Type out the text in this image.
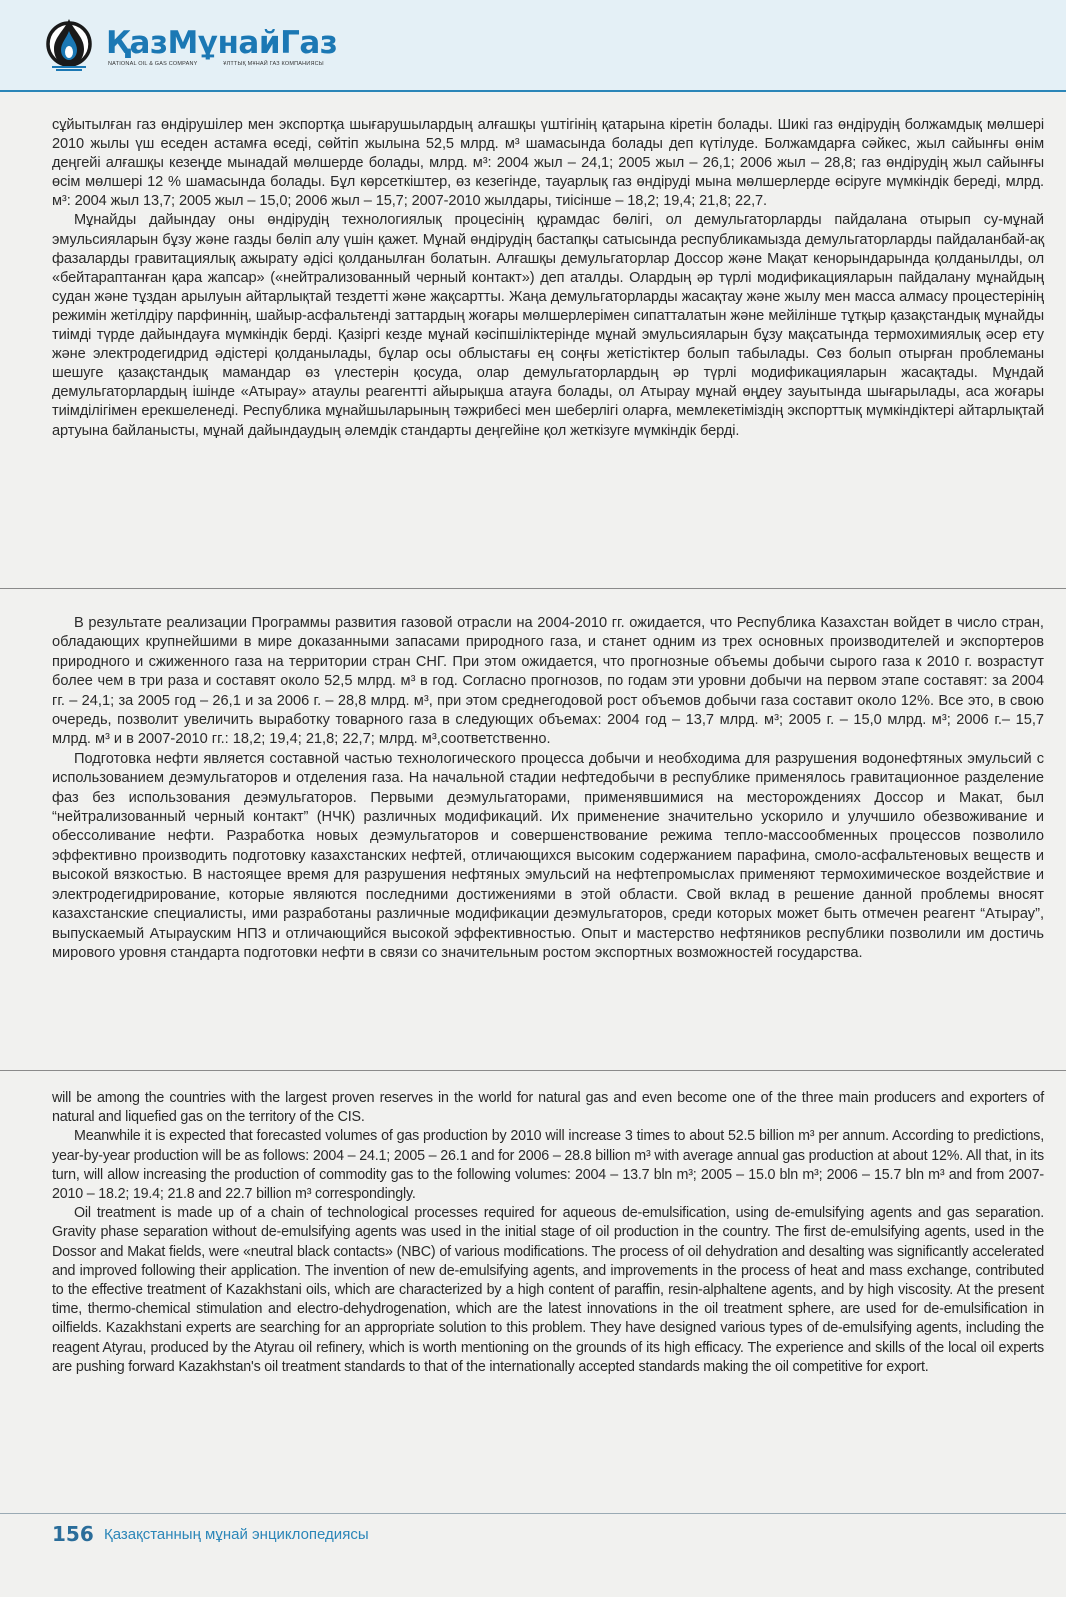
ҚазМұнайГаз
NATIONAL OIL & GAS COMPANY	ҰЛТТЫҚ МҰНАЙ ГАЗ КОМПАНИЯСЫ

сұйытылған газ өндірушілер мен экспортқа шығарушылардың алғашқы үштігінің қатарына кіретін болады. Шикі газ өндірудің болжамдық мөлшері 2010 жылы үш еседен астамға өседі, сөйтіп жылына 52,5 млрд. м³ шамасында болады деп күтілуде. Болжамдарға сәйкес, жыл сайынғы өнім деңгейі алғашқы кезеңде мынадай мөлшерде болады, млрд. м³: 2004 жыл – 24,1; 2005 жыл – 26,1; 2006 жыл – 28,8; газ өндірудің жыл сайынғы өсім мөлшері 12 % шамасында болады. Бұл көрсеткіштер, өз кезегінде, тауарлық газ өндіруді мына мөлшерлерде өсіруге мүмкіндік береді, млрд. м³: 2004 жыл 13,7; 2005 жыл – 15,0; 2006 жыл – 15,7; 2007-2010 жылдары, тиісінше – 18,2; 19,4; 21,8; 22,7.

Мұнайды дайындау оны өндірудің технологиялық процесінің құрамдас бөлігі, ол демульгаторларды пайдалана отырып су-мұнай эмульсияларын бұзу және газды бөліп алу үшін қажет. Мұнай өндірудің бастапқы сатысында республикамызда демульгаторларды пайдаланбай-ақ фазаларды гравитациялық ажырату әдісі қолданылған болатын. Алғашқы демульгаторлар Доссор және Мақат кенорындарында қолданылды, ол «бейтараптанған қара жапсар» («нейтрализованный черный контакт») деп аталды. Олардың әр түрлі модификацияларын пайдалану мұнайдың судан және тұздан арылуын айтарлықтай тездетті және жақсартты. Жаңа демульгаторларды жасақтау және жылу мен масса алмасу процестерінің режимін жетілдіру парфиннің, шайыр-асфальтенді заттардың жоғары мөлшерлерімен сипатталатын және мейілінше тұтқыр қазақстандық мұнайды тиімді түрде дайындауға мүмкіндік берді. Қазіргі кезде мұнай кәсіпшіліктерінде мұнай эмульсияларын бұзу мақсатында термохимиялық әсер ету және электродегидрид әдістері қолданылады, бұлар осы облыстағы ең соңғы жетістіктер болып табылады. Сөз болып отырған проблеманы шешуге қазақстандық мамандар өз үлестерін қосуда, олар демульгаторлардың әр түрлі модификацияларын жасақтады. Мұндай демульгаторлардың ішінде «Атырау» атаулы реагентті айырықша атауға болады, ол Атырау мұнай өңдеу зауытында шығарылады, аса жоғары тиімділігімен ерекшеленеді. Республика мұнайшыларының тәжрибесі мен шеберлігі оларға, мемлекетіміздің экспорттық мүмкіндіктері айтарлықтай артуына байланысты, мұнай дайындаудың әлемдік стандарты деңгейіне қол жеткізуге мүмкіндік берді.

В результате реализации Программы развития газовой отрасли на 2004-2010 гг. ожидается, что Республика Казахстан войдет в число стран, обладающих крупнейшими в мире доказанными запасами природного газа, и станет одним из трех основных производителей и экспортеров природного и сжиженного газа на территории стран СНГ. При этом ожидается, что прогнозные объемы добычи сырого газа к 2010 г. возрастут более чем в три раза и составят около 52,5 млрд. м³ в год. Согласно прогнозов, по годам эти уровни добычи на первом этапе составят: за 2004 гг. – 24,1; за 2005 год – 26,1 и за 2006 г. – 28,8 млрд. м³, при этом среднегодовой рост объемов добычи газа составит около 12%. Все это, в свою очередь, позволит увеличить выработку товарного газа в следующих объемах: 2004 год – 13,7 млрд. м³; 2005 г. – 15,0 млрд. м³; 2006 г.– 15,7 млрд. м³ и в 2007-2010 гг.: 18,2; 19,4; 21,8; 22,7; млрд. м³,соответственно.

Подготовка нефти является составной частью технологического процесса добычи и необходима для разрушения водонефтяных эмульсий с использованием деэмульгаторов и отделения газа. На начальной стадии нефтедобычи в республике применялось гравитационное разделение фаз без использования деэмульгаторов. Первыми деэмульгаторами, применявшимися на месторождениях Доссор и Макат, был “нейтрализованный черный контакт” (НЧК) различных модификаций. Их применение значительно ускорило и улучшило обезвоживание и обессоливание нефти. Разработка новых деэмульгаторов и совершенствование режима тепло-массообменных процессов позволило эффективно производить подготовку казахстанских нефтей, отличающихся высоким содержанием парафина, смоло-асфальтеновых веществ и высокой вязкостью. В настоящее время для разрушения нефтяных эмульсий на нефтепромыслах применяют термохимическое воздействие и электродегидрирование, которые являются последними достижениями в этой области. Свой вклад в решение данной проблемы вносят казахстанские специалисты, ими разработаны различные модификации деэмульгаторов, среди которых может быть отмечен реагент “Атырау”, выпускаемый Атырауским НПЗ и отличающийся высокой эффективностью. Опыт и мастерство нефтяников республики позволили им достичь мирового уровня стандарта подготовки нефти в связи со значительным ростом экспортных возможностей государства.

will be among the countries with the largest proven reserves in the world for natural gas and even become one of the three main producers and exporters of natural and liquefied gas on the territory of the CIS.

Meanwhile it is expected that forecasted volumes of gas production by 2010 will increase 3 times to about 52.5 billion m³ per annum. According to predictions, year-by-year production will be as follows: 2004 – 24.1; 2005 – 26.1 and for 2006 – 28.8 billion m³ with average annual gas production at about 12%. All that, in its turn, will allow increasing the production of commodity gas to the following volumes: 2004 – 13.7 bln m³; 2005 – 15.0 bln m³; 2006 – 15.7 bln m³ and from 2007-2010 – 18.2; 19.4; 21.8 and 22.7 billion m³ correspondingly.

Oil treatment is made up of a chain of technological processes required for aqueous de-emulsification, using de-emulsifying agents and gas separation. Gravity phase separation without de-emulsifying agents was used in the initial stage of oil production in the country. The first de-emulsifying agents, used in the Dossor and Makat fields, were «neutral black contacts» (NBC) of various modifications. The process of oil dehydration and desalting was significantly accelerated and improved following their application. The invention of new de-emulsifying agents, and improvements in the process of heat and mass exchange, contributed to the effective treatment of Kazakhstani oils, which are characterized by a high content of paraffin, resin-alphaltene agents, and by high viscosity. At the present time, thermo-chemical stimulation and electro-dehydrogenation, which are the latest innovations in the oil treatment sphere, are used for de-emulsification in oilfields. Kazakhstani experts are searching for an appropriate solution to this problem. They have designed various types of de-emulsifying agents, including the reagent Atyrau, produced by the Atyrau oil refinery, which is worth mentioning on the grounds of its high efficacy. The experience and skills of the local oil experts are pushing forward Kazakhstan's oil treatment standards to that of the internationally accepted standards making the oil competitive for export.

156 Қазақстанның мұнай энциклопедиясы
